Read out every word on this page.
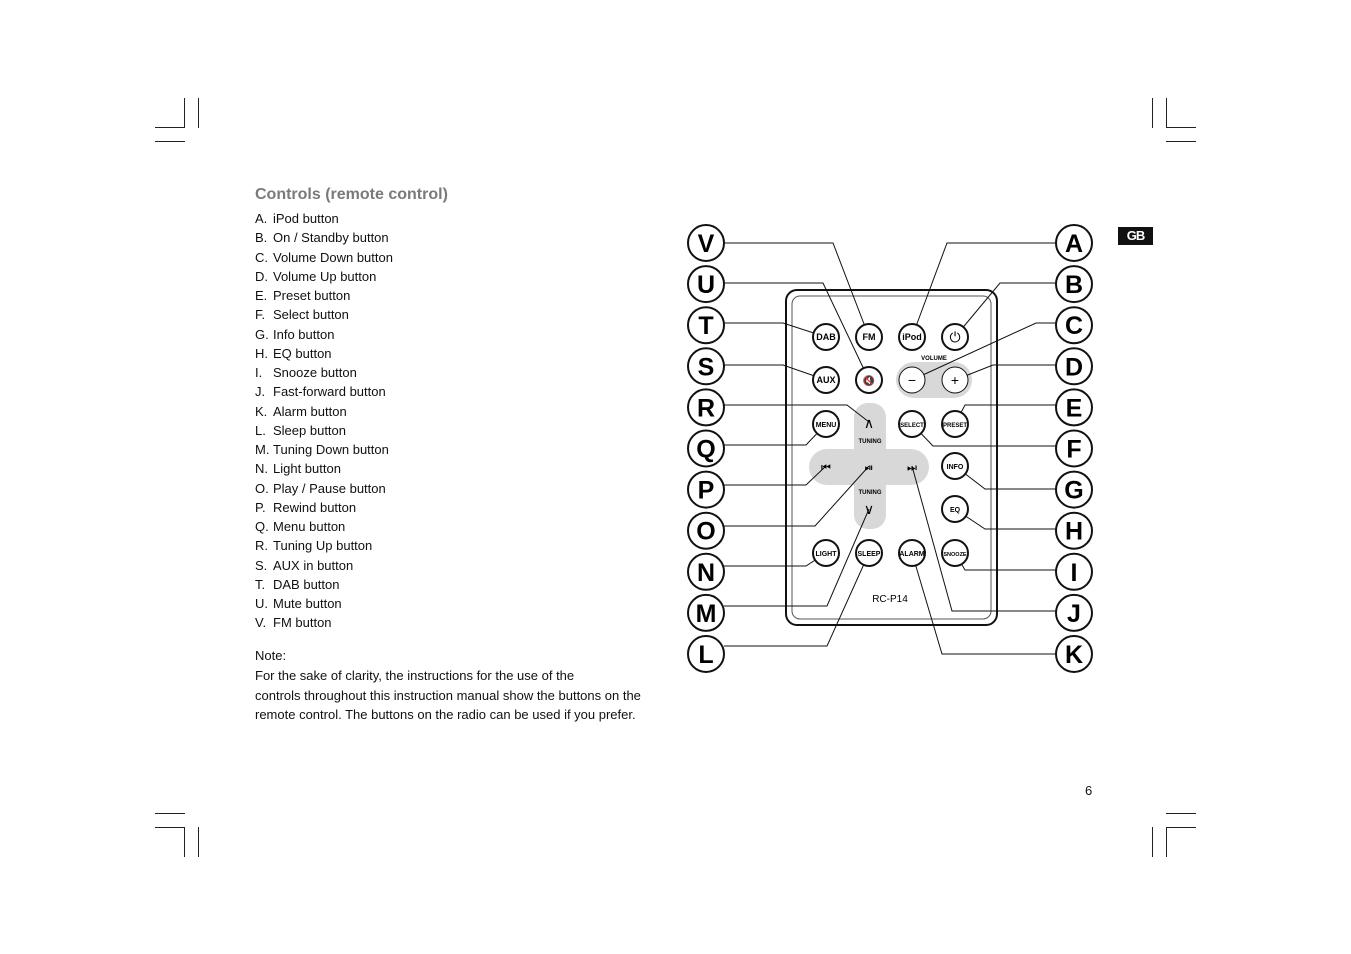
Controls (remote control)
A. iPod button
B. On / Standby button
C. Volume Down button
D. Volume Up button
E. Preset button
F. Select button
G. Info button
H. EQ button
I. Snooze button
J. Fast-forward button
K. Alarm button
L. Sleep button
M. Tuning Down button
N. Light button
O. Play / Pause button
P. Rewind button
Q. Menu button
R. Tuning Up button
S. AUX in button
T. DAB button
U. Mute button
V. FM button
Note:

For the sake of clarity, the instructions for the use of the
controls throughout this instruction manual show the buttons on the
remote control. The buttons on the radio can be used if you prefer.

GB
6
VOLUME
TUNING
TUNING
DAB	FM	iPod ⏻
AUX	🔇 − +
MENU ∧	SELECT	PRESET
⏮	⏯	⏭	INFO
∨	EQ
LIGHT	SLEEP	ALARM	SNOOZE
RC-P14
V
U
T
S
R
Q
P
O
N
M
L
A
B
C
D
E
F
G
H
I
J
K
